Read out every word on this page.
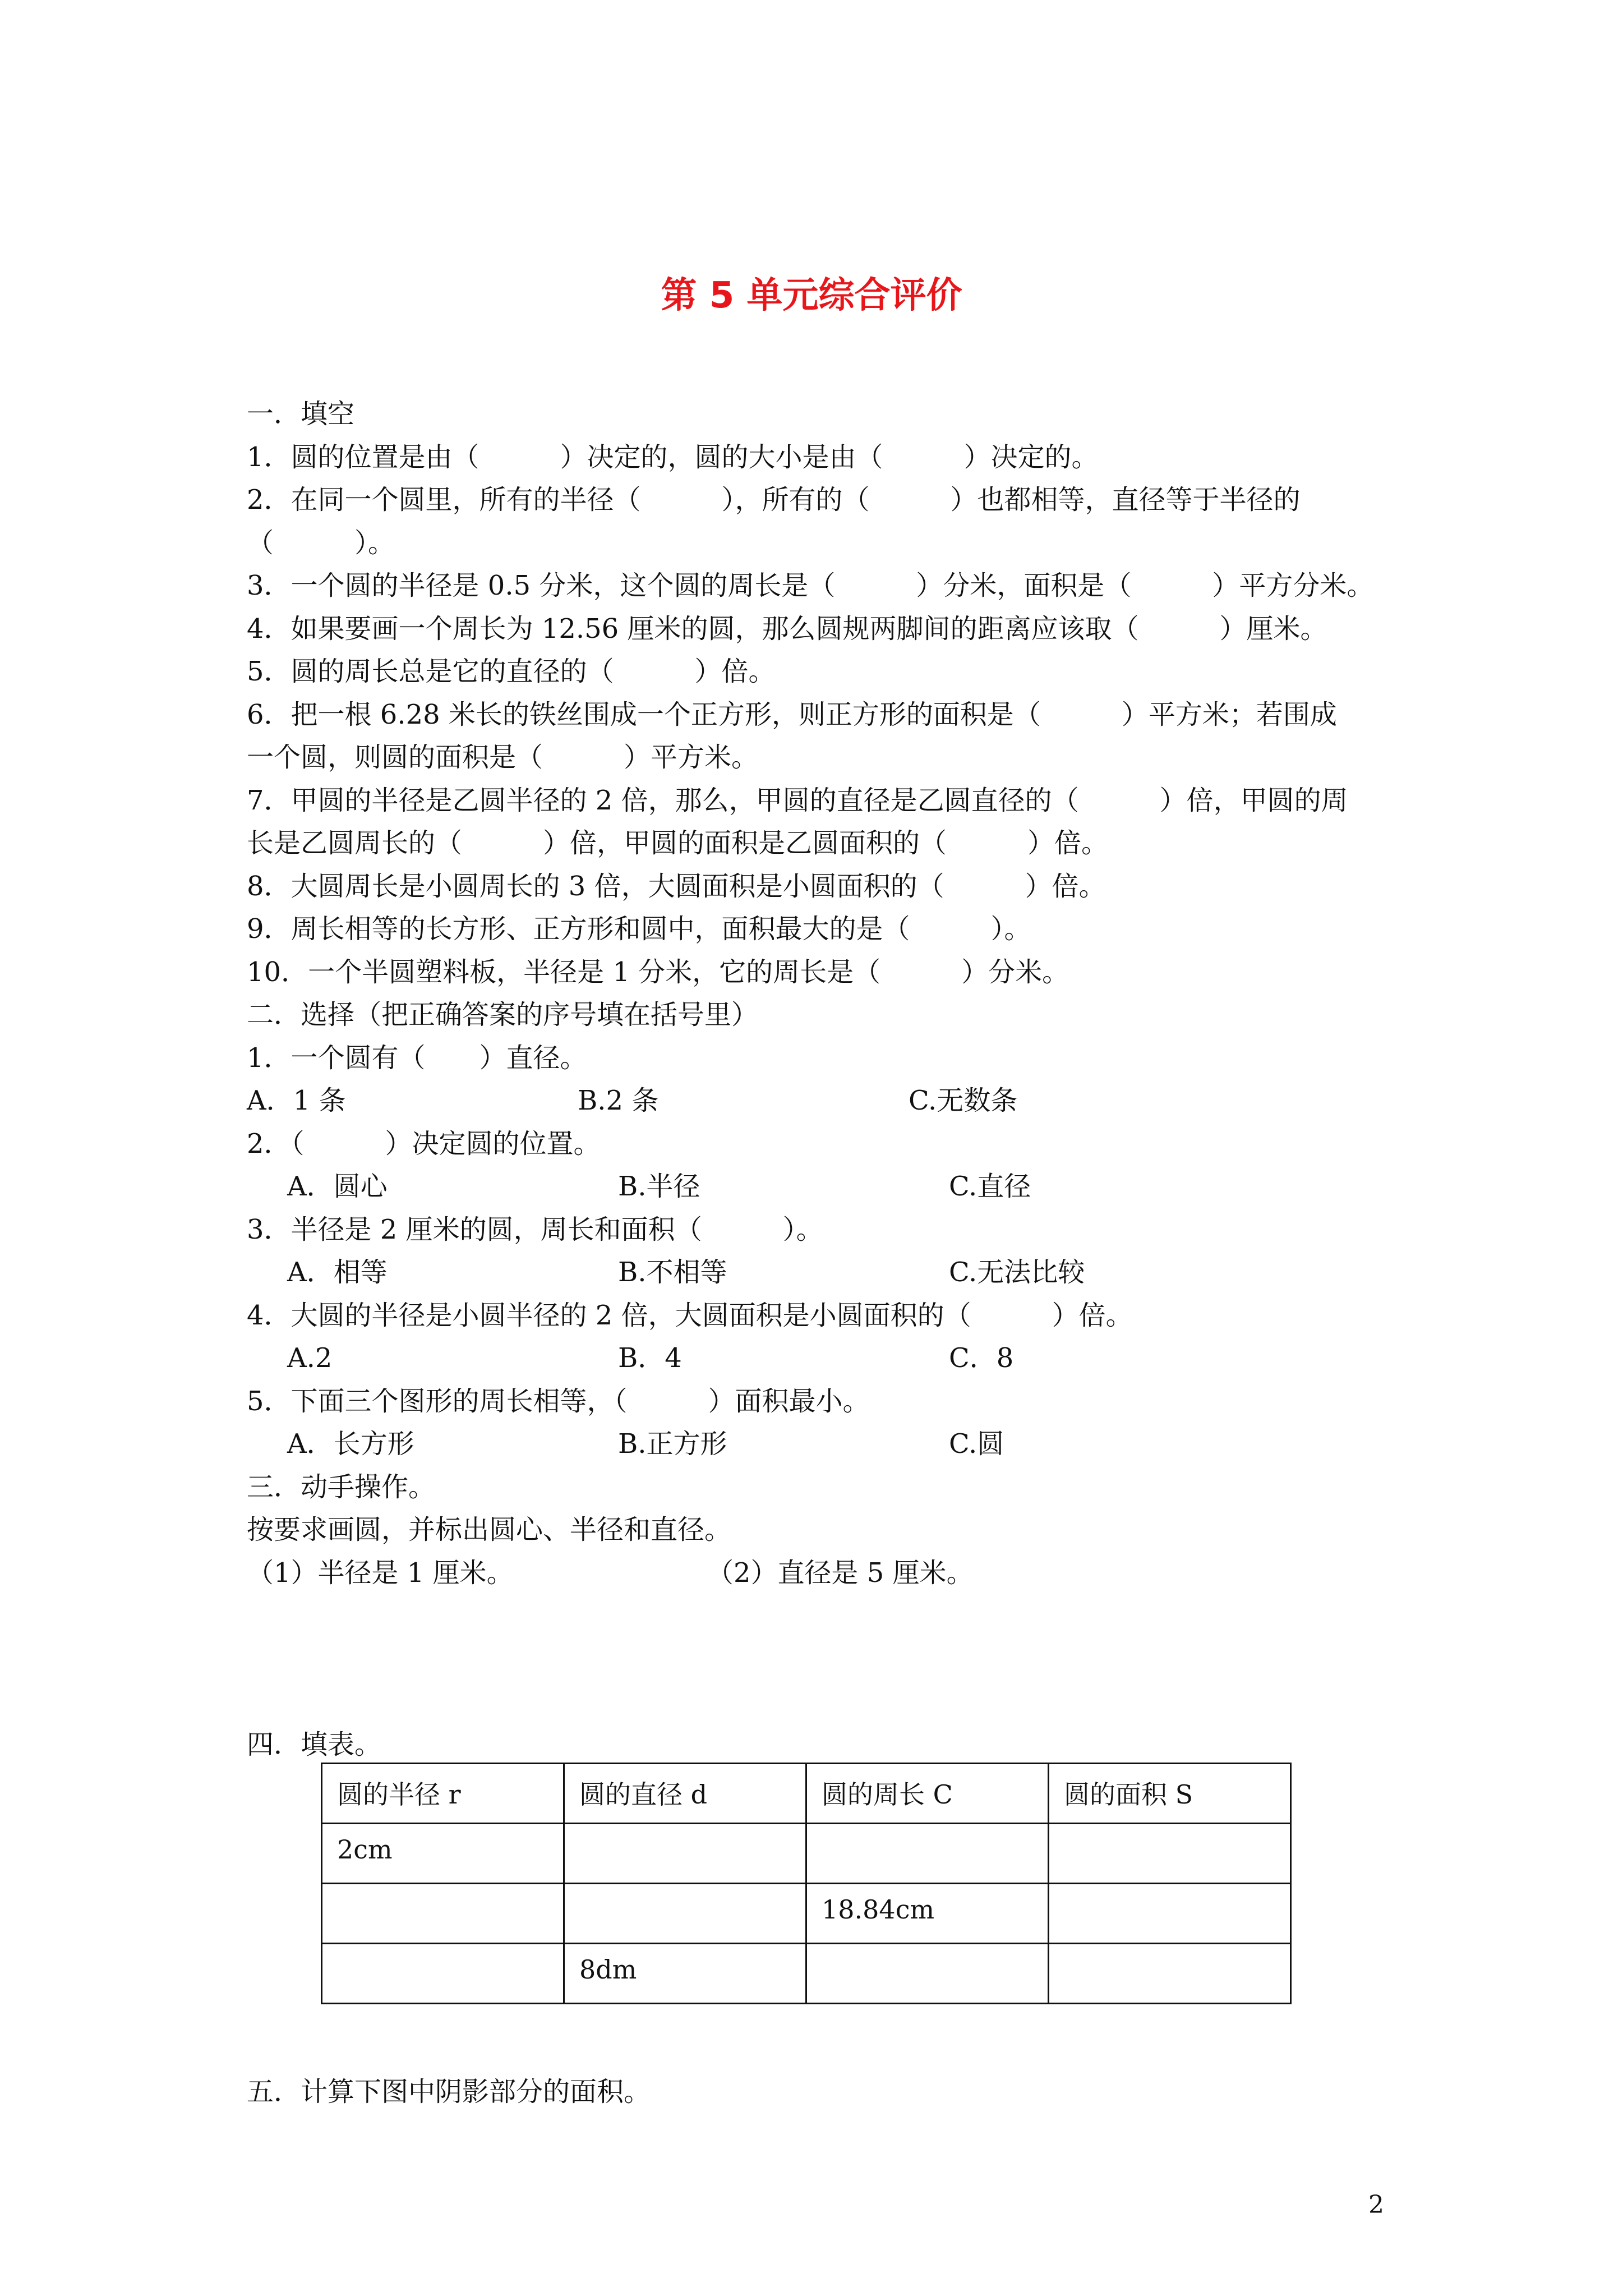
第 5 单元综合评价
一．填空
1．圆的位置是由（　　　）决定的，圆的大小是由（　　　）决定的。
2．在同一个圆里，所有的半径（　　　），所有的（　　　）也都相等，直径等于半径的
（　　　）。
3．一个圆的半径是 0.5 分米，这个圆的周长是（　　　）分米，面积是（　　　）平方分米。
4．如果要画一个周长为 12.56 厘米的圆，那么圆规两脚间的距离应该取（　　　）厘米。
5．圆的周长总是它的直径的（　　　）倍。
6．把一根 6.28 米长的铁丝围成一个正方形，则正方形的面积是（　　　）平方米；若围成
一个圆，则圆的面积是（　　　）平方米。
7．甲圆的半径是乙圆半径的 2 倍，那么，甲圆的直径是乙圆直径的（　　　）倍，甲圆的周
长是乙圆周长的（　　　）倍，甲圆的面积是乙圆面积的（　　　）倍。
8．大圆周长是小圆周长的 3 倍，大圆面积是小圆面积的（　　　）倍。
9．周长相等的长方形、正方形和圆中，面积最大的是（　　　）。
10．一个半圆塑料板，半径是 1 分米，它的周长是（　　　）分米。
二．选择（把正确答案的序号填在括号里）
1．一个圆有（　　）直径。
A．1 条	B.2 条	C.无数条
2．（　　　）决定圆的位置。
A．圆心	B.半径	C.直径
3．半径是 2 厘米的圆，周长和面积（　　　）。
A．相等	B.不相等	C.无法比较
4．大圆的半径是小圆半径的 2 倍，大圆面积是小圆面积的（　　　）倍。
A.2	B．4	C．8
5．下面三个图形的周长相等，（　　　）面积最小。
A．长方形	B.正方形	C.圆
三．动手操作。
按要求画圆，并标出圆心、半径和直径。
（1）半径是 1 厘米。	（2）直径是 5 厘米。
四．填表。
圆的半径 r	圆的直径 d	圆的周长 C	圆的面积 S
2cm			
		18.84cm	
	8dm		
五．计算下图中阴影部分的面积。
2
